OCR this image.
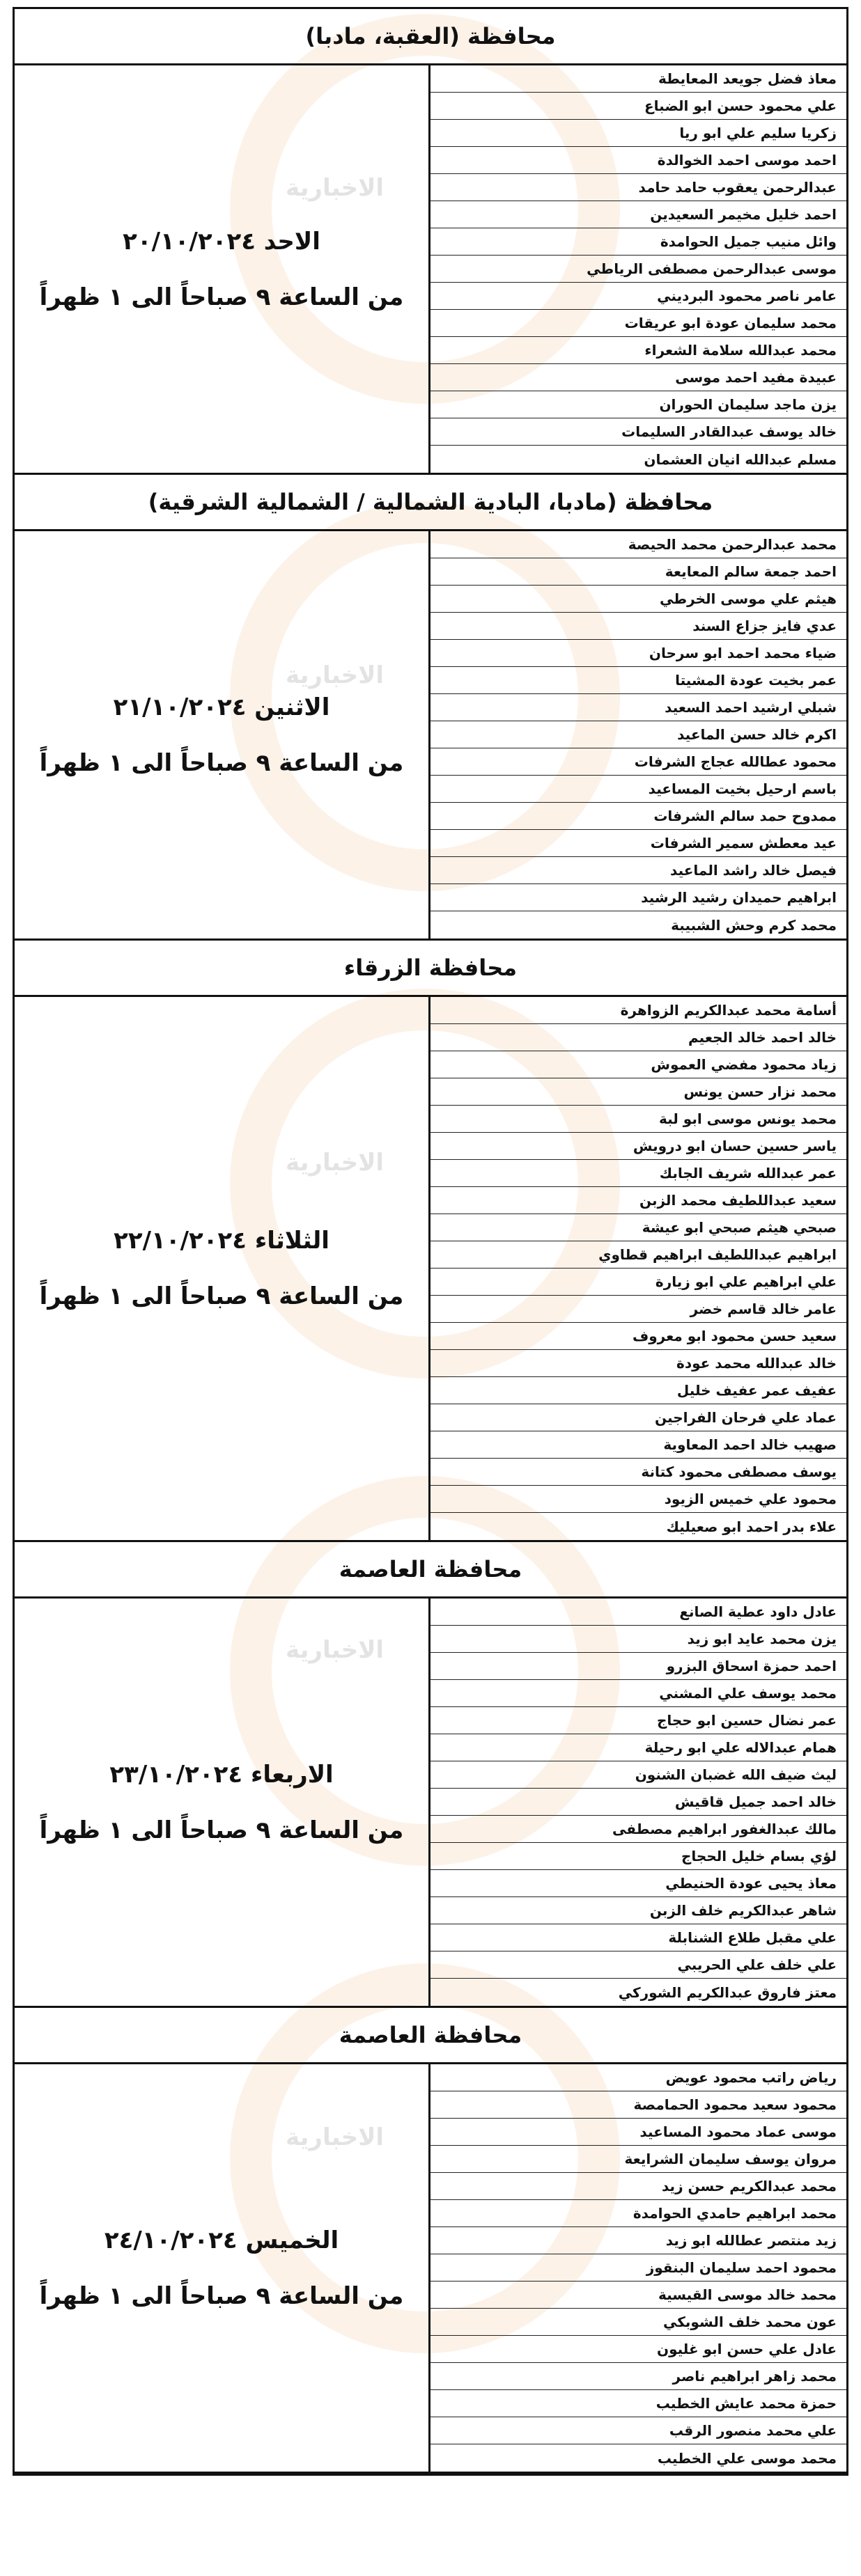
الاخبارية
الاخبارية
الاخبارية
الاخبارية
الاخبارية
محافظة (العقبة، مادبا)
معاذ فضل جويعد المعايطة
علي محمود حسن ابو الضباع
زكريا سليم علي ابو ريا
احمد موسى احمد الخوالدة
عبدالرحمن يعقوب حامد حامد
احمد خليل مخيمر السعيدين
وائل منيب جميل الحوامدة
موسى عبدالرحمن مصطفى الرياطي
عامر ناصر محمود البرديني
محمد سليمان عودة ابو عريقات
محمد عبدالله سلامة الشعراء
عبيدة مفيد احمد موسى
يزن ماجد سليمان الحوران
خالد يوسف عبدالقادر السليمات
مسلم عبدالله انيان العشمان
الاحد ٢٠/١٠/٢٠٢٤
من الساعة ٩ صباحاً الى ١ ظهراً
محافظة (مادبا، البادية الشمالية / الشمالية الشرقية)
محمد عبدالرحمن محمد الحيصة
احمد جمعة سالم المعايعة
هيثم علي موسى الخرطي
عدي فايز جزاع السند
ضياء محمد احمد ابو سرحان
عمر بخيت عودة المشيتا
شبلي ارشيد احمد السعيد
اكرم خالد حسن الماعيد
محمود عطالله عجاج الشرفات
باسم ارحيل بخيت المساعيد
ممدوح حمد سالم الشرفات
عيد معطش سمير الشرفات
فيصل خالد راشد الماعيد
ابراهيم حميدان رشيد الرشيد
محمد كرم وحش الشبيبة
الاثنين ٢١/١٠/٢٠٢٤
من الساعة ٩ صباحاً الى ١ ظهراً
محافظة الزرقاء
أسامة محمد عبدالكريم الزواهرة
خالد احمد خالد الجعيم
زياد محمود مفضي العموش
محمد نزار حسن يونس
محمد يونس موسى ابو لبة
ياسر حسين حسان ابو درويش
عمر عبدالله شريف الجابك
سعيد عبداللطيف محمد الزبن
صبحي هيثم صبحي ابو عيشة
ابراهيم عبداللطيف ابراهيم قطاوي
علي ابراهيم علي ابو زيارة
عامر خالد قاسم خضر
سعيد حسن محمود ابو معروف
خالد عبدالله محمد عودة
عفيف عمر عفيف خليل
عماد علي فرحان الفراجين
صهيب خالد احمد المعاوية
يوسف مصطفى محمود كتانة
محمود علي خميس الزيود
علاء بدر احمد ابو صعيليك
الثلاثاء ٢٢/١٠/٢٠٢٤
من الساعة ٩ صباحاً الى ١ ظهراً
محافظة العاصمة
عادل داود عطية الصانع
يزن محمد عايد ابو زيد
احمد حمزة اسحاق البزرو
محمد يوسف علي المشني
عمر نضال حسين ابو حجاج
همام عبدالاله علي ابو رحيلة
ليث ضيف الله غضبان الشنون
خالد احمد جميل قاقيش
مالك عبدالغفور ابراهيم مصطفى
لؤي بسام خليل الحجاج
معاذ يحيى عودة الحنيطي
شاهر عبدالكريم خلف الزبن
علي مقبل طلاع الشنابلة
علي خلف علي الحريبي
معتز فاروق عبدالكريم الشوركي
الاربعاء ٢٣/١٠/٢٠٢٤
من الساعة ٩ صباحاً الى ١ ظهراً
محافظة العاصمة
رياض راتب محمود عويض
محمود سعيد محمود الحمامصة
موسى عماد محمود المساعيد
مروان يوسف سليمان الشرايعة
محمد عبدالكريم حسن زيد
محمد ابراهيم حامدي الحوامدة
زيد منتصر عطالله ابو زيد
محمود احمد سليمان البنقوز
محمد خالد موسى القيسية
عون محمد خلف الشوبكي
عادل علي حسن ابو غليون
محمد زاهر ابراهيم ناصر
حمزة محمد عايش الخطيب
علي محمد منصور الرقب
محمد موسى علي الخطيب
الخميس ٢٤/١٠/٢٠٢٤
من الساعة ٩ صباحاً الى ١ ظهراً
